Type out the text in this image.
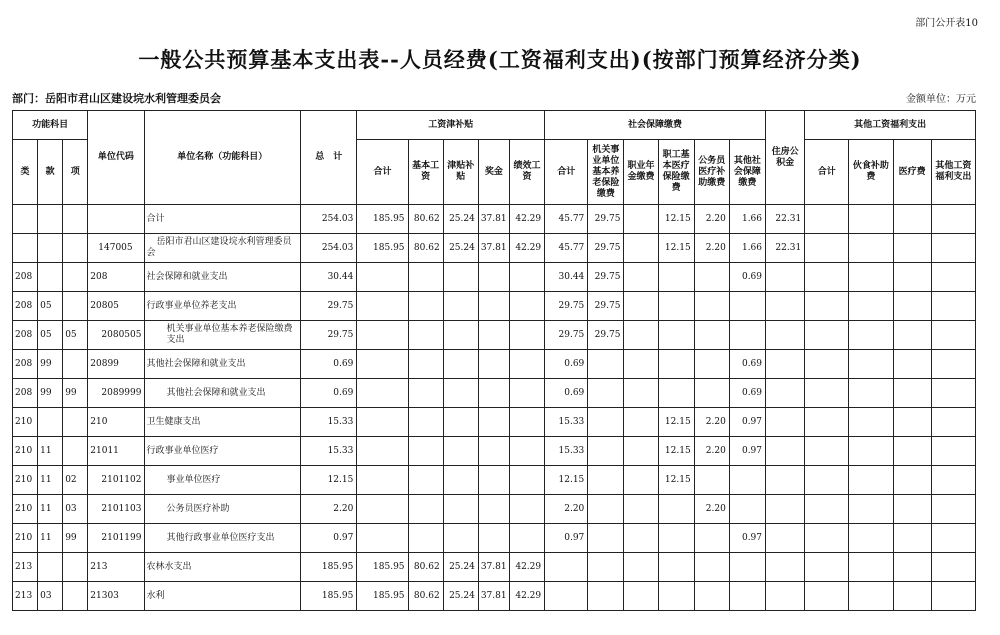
部门公开表10
一般公共预算基本支出表--人员经费(工资福利支出)(按部门预算经济分类)
部门：岳阳市君山区建设垸水利管理委员会	金额单位：万元
功能科目			单位代码	单位名称（功能科目）	总　计	工资津补贴					社会保障缴费						住房公积金	其他工资福利支出			
类	款	项				合计	基本工资	津贴补贴	奖金	绩效工资	合计	机关事业单位基本养老保险缴费	职业年金缴费	职工基本医疗保险缴费	公务员医疗补助缴费	其他社会保障缴费		合计	伙食补助费	医疗费	其他工资福利支出
				合计	254.03	185.95	80.62	25.24	37.81	42.29	45.77	29.75		12.15	2.20	1.66	22.31				
			147005	岳阳市君山区建设垸水利管理委员会	254.03	185.95	80.62	25.24	37.81	42.29	45.77	29.75		12.15	2.20	1.66	22.31				
208			208	社会保障和就业支出	30.44						30.44	29.75				0.69					
208	05		20805	行政事业单位养老支出	29.75						29.75	29.75									
208	05	05	2080505	机关事业单位基本养老保险缴费支出	29.75						29.75	29.75									
208	99		20899	其他社会保障和就业支出	0.69						0.69					0.69					
208	99	99	2089999	其他社会保障和就业支出	0.69						0.69					0.69					
210			210	卫生健康支出	15.33						15.33			12.15	2.20	0.97					
210	11		21011	行政事业单位医疗	15.33						15.33			12.15	2.20	0.97					
210	11	02	2101102	事业单位医疗	12.15						12.15			12.15							
210	11	03	2101103	公务员医疗补助	2.20						2.20				2.20						
210	11	99	2101199	其他行政事业单位医疗支出	0.97						0.97					0.97					
213			213	农林水支出	185.95	185.95	80.62	25.24	37.81	42.29											
213	03		21303	水利	185.95	185.95	80.62	25.24	37.81	42.29											
